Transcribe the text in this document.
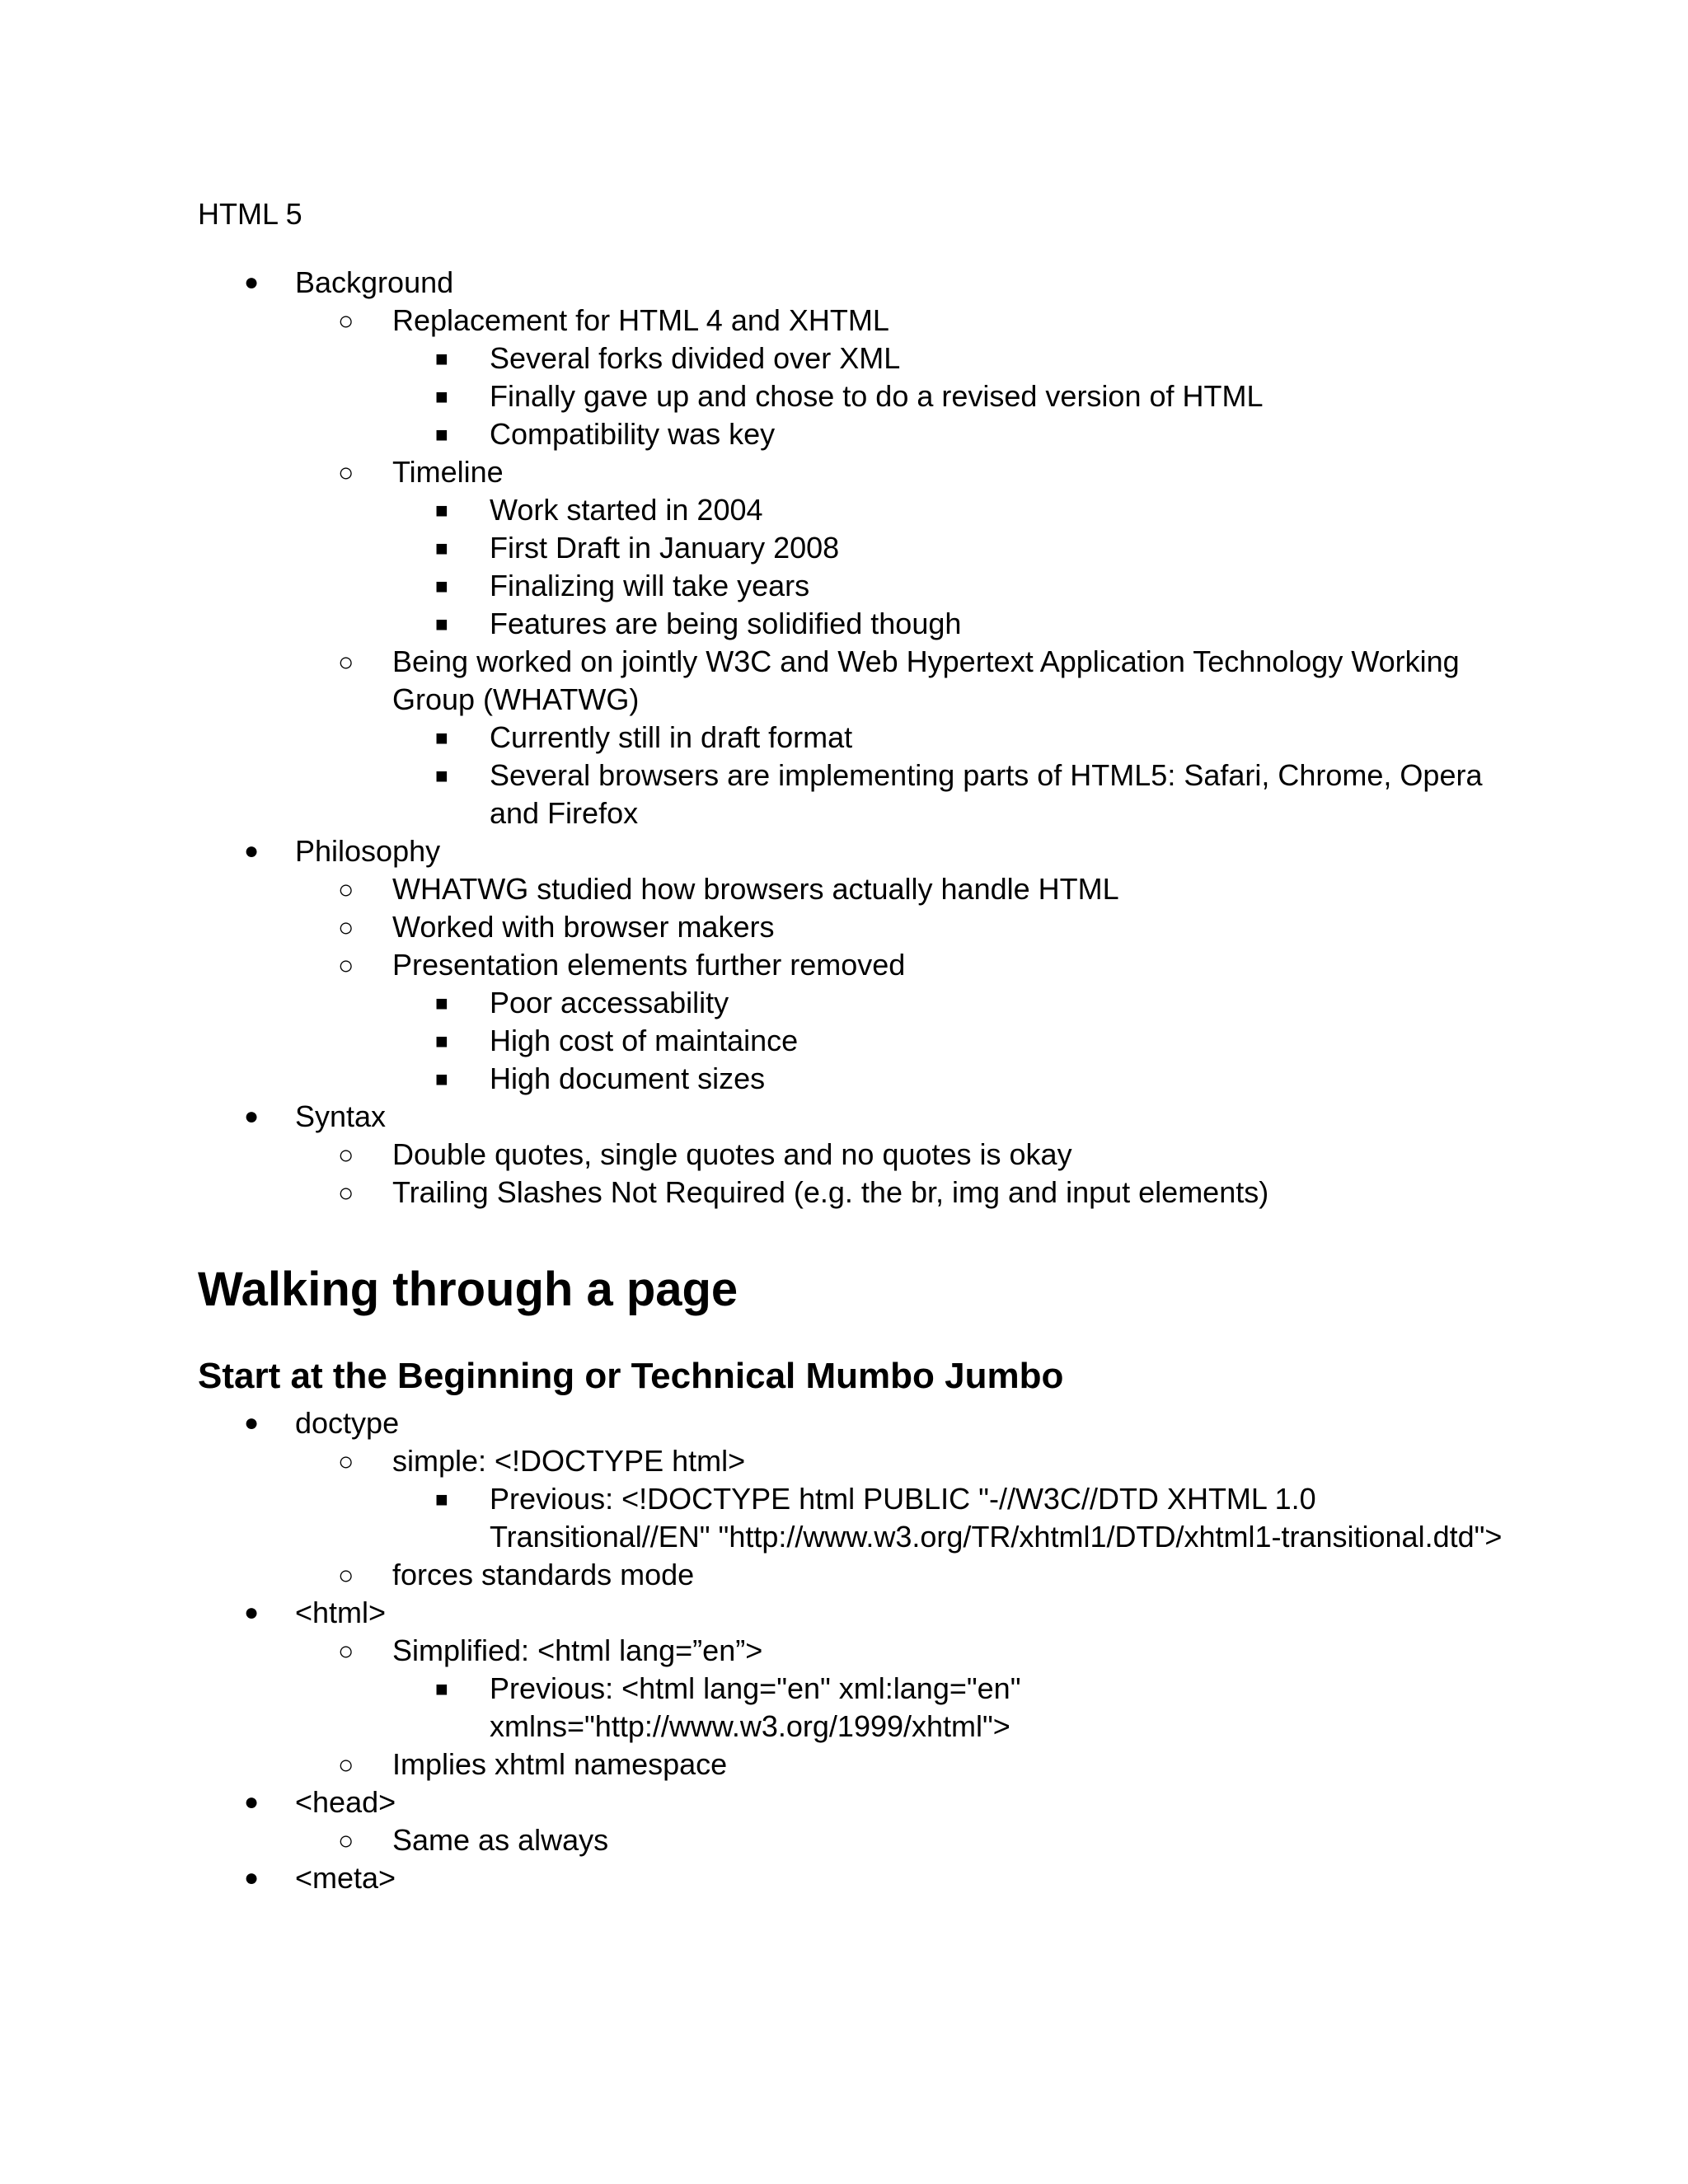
HTML 5
● Background
○ Replacement for HTML 4 and XHTML
■ Several forks divided over XML
■ Finally gave up and chose to do a revised version of HTML
■ Compatibility was key
○ Timeline
■ Work started in 2004
■ First Draft in January 2008
■ Finalizing will take years
■ Features are being solidified though
○ Being worked on jointly W3C and Web Hypertext Application Technology Working Group (WHATWG)
■ Currently still in draft format
■ Several browsers are implementing parts of HTML5: Safari, Chrome, Opera and Firefox
● Philosophy
○ WHATWG studied how browsers actually handle HTML
○ Worked with browser makers
○ Presentation elements further removed
■ Poor accessability
■ High cost of maintaince
■ High document sizes
● Syntax
○ Double quotes, single quotes and no quotes is okay
○ Trailing Slashes Not Required (e.g. the br, img and input elements)
Walking through a page
Start at the Beginning or Technical Mumbo Jumbo
● doctype
○ simple: <!DOCTYPE html>
■ Previous: <!DOCTYPE html PUBLIC "-//W3C//DTD XHTML 1.0 Transitional//EN" "http://www.w3.org/TR/xhtml1/DTD/xhtml1-transitional.dtd">
○ forces standards mode
● <html>
○ Simplified: <html lang=”en”>
■ Previous: <html lang="en" xml:lang="en" xmlns="http://www.w3.org/1999/xhtml">
○ Implies xhtml namespace
● <head>
○ Same as always
● <meta>
